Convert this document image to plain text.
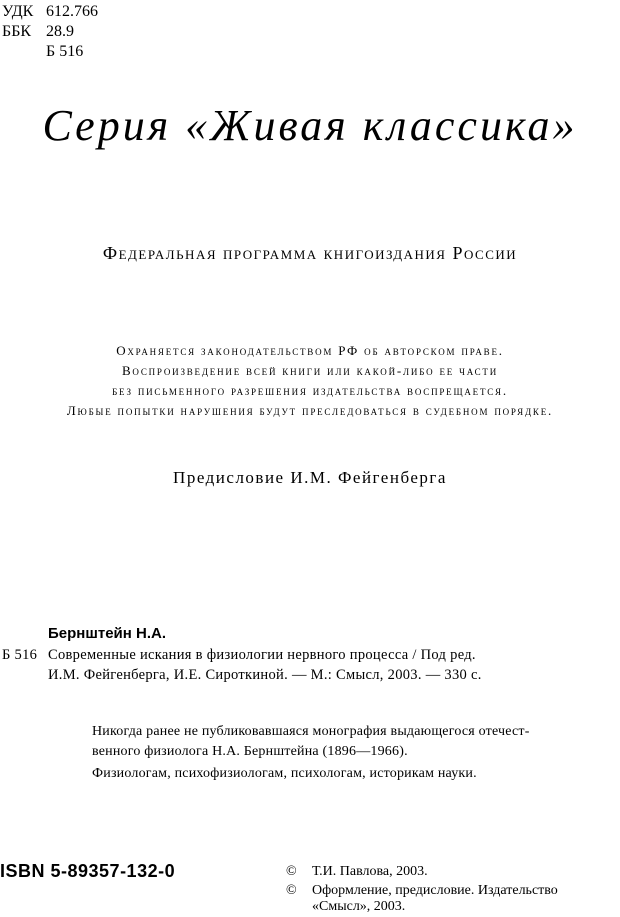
УДК 612.766
ББК 28.9
Б 516
Серия «Живая классика»
Федеральная программа книгоиздания России
Охраняется законодательством РФ об авторском праве.
Воспроизведение всей книги или какой-либо ее части
без письменного разрешения издательства воспрещается.
Любые попытки нарушения будут преследоваться в судебном порядке.
Предисловие И.М. Фейгенберга
Бернштейн Н.А.
Б 516 Современные искания в физиологии нервного процесса / Под ред.
И.М. Фейгенберга, И.Е. Сироткиной. — М.: Смысл, 2003. — 330 с.
Никогда ранее не публиковавшаяся монография выдающегося отечест-
венного физиолога Н.А. Бернштейна (1896—1966).
Физиологам, психофизиологам, психологам, историкам науки.
ISBN 5-89357-132-0	© Т.И. Павлова, 2003.
© Оформление, предисловие. Издательство
«Смысл», 2003.
